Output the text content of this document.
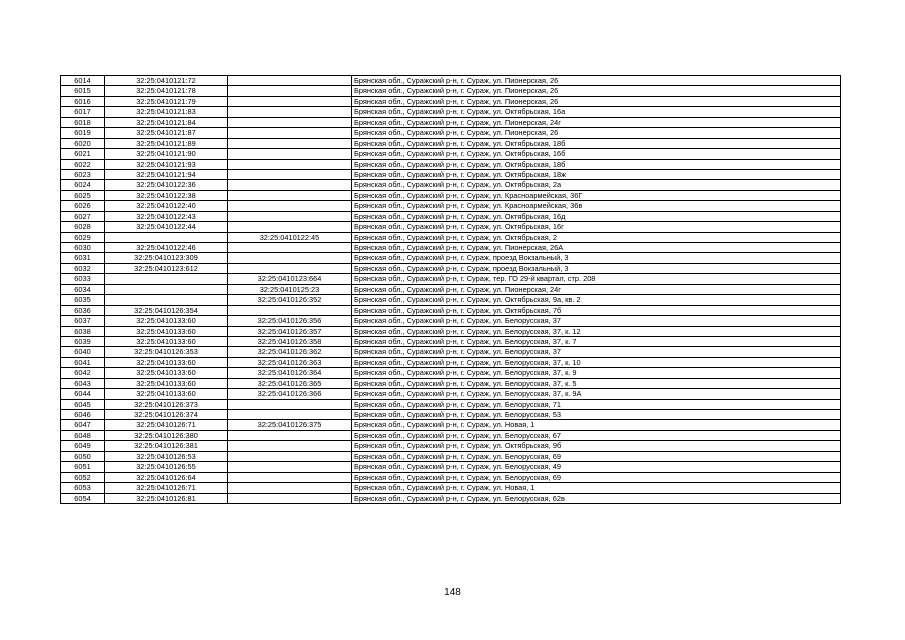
6014	32:25:0410121:72		Брянская обл., Суражский р-н, г. Сураж, ул. Пионерская, 26
6015	32:25:0410121:78		Брянская обл., Суражский р-н, г. Сураж, ул. Пионерская, 26
6016	32:25:0410121:79		Брянская обл., Суражский р-н, г. Сураж, ул. Пионерская, 26
6017	32:25:0410121:83		Брянская обл., Суражский р-н, г. Сураж, ул. Октябрьская, 16а
6018	32:25:0410121:84		Брянская обл., Суражский р-н, г. Сураж, ул. Пионерская, 24г
6019	32:25:0410121:87		Брянская обл., Суражский р-н, г. Сураж, ул. Пионерская, 26
6020	32:25:0410121:89		Брянская обл., Суражский р-н, г. Сураж, ул. Октябрьская, 18б
6021	32:25:0410121:90		Брянская обл., Суражский р-н, г. Сураж, ул. Октябрьская, 16б
6022	32:25:0410121:93		Брянская обл., Суражский р-н, г. Сураж, ул. Октябрьская, 18б
6023	32:25:0410121:94		Брянская обл., Суражский р-н, г. Сураж, ул. Октябрьская, 18ж
6024	32:25:0410122:36		Брянская обл., Суражский р-н, г. Сураж, ул. Октябрьская, 2а
6025	32:25:0410122:38		Брянская обл., Суражский р-н, г. Сураж, ул. Красноармейская, 36Г
6026	32:25:0410122:40		Брянская обл., Суражский р-н, г. Сураж, ул. Красноармейская, 36в
6027	32:25:0410122:43		Брянская обл., Суражский р-н, г. Сураж, ул. Октябрьская, 16д
6028	32:25:0410122:44		Брянская обл., Суражский р-н, г. Сураж, ул. Октябрьская, 16г
6029		32:25:0410122:45	Брянская обл., Суражский р-н, г. Сураж, ул. Октябрьская, 2
6030	32:25:0410122:46		Брянская обл., Суражский р-н, г. Сураж, ул. Пионерская, 26А
6031	32:25:0410123:309		Брянская обл., Суражский р-н, г. Сураж, проезд Вокзальный, 3
6032	32:25:0410123:612		Брянская обл., Суражский р-н, г. Сураж, проезд Вокзальный, 3
6033		32:25:0410123:664	Брянская обл., Суражский р-н, г. Сураж, тер. ГО 29-й квартал, стр. 208
6034		32:25:0410125:23	Брянская обл., Суражский р-н, г. Сураж, ул. Пионерская, 24г
6035		32:25:0410126:352	Брянская обл., Суражский р-н, г. Сураж, ул. Октябрьская, 9а, кв. 2
6036	32:25:0410126:354		Брянская обл., Суражский р-н, г. Сураж, ул. Октябрьская, 7б
6037	32:25:0410133:60	32:25:0410126:356	Брянская обл., Суражский р-н, г. Сураж, ул. Белорусская, 37
6038	32:25:0410133:60	32:25:0410126:357	Брянская обл., Суражский р-н, г. Сураж, ул. Белорусская, 37, к. 12
6039	32:25:0410133:60	32:25:0410126:358	Брянская обл., Суражский р-н, г. Сураж, ул. Белорусская, 37, к. 7
6040	32:25:0410126:353	32:25:0410126:362	Брянская обл., Суражский р-н, г. Сураж, ул. Белорусская, 37
6041	32:25:0410133:60	32:25:0410126:363	Брянская обл., Суражский р-н, г. Сураж, ул. Белорусская, 37, к. 10
6042	32:25:0410133:60	32:25:0410126:364	Брянская обл., Суражский р-н, г. Сураж, ул. Белорусская, 37, к. 9
6043	32:25:0410133:60	32:25:0410126:365	Брянская обл., Суражский р-н, г. Сураж, ул. Белорусская, 37, к. 5
6044	32:25:0410133:60	32:25:0410126:366	Брянская обл., Суражский р-н, г. Сураж, ул. Белорусская, 37, к. 9А
6045	32:25:0410126:373		Брянская обл., Суражский р-н, г. Сураж, ул. Белорусская, 71
6046	32:25:0410126:374		Брянская обл., Суражский р-н, г. Сураж, ул. Белорусская, 53
6047	32:25:0410126:71	32:25:0410126:375	Брянская обл., Суражский р-н, г. Сураж, ул. Новая, 1
6048	32:25:0410126:380		Брянская обл., Суражский р-н, г. Сураж, ул. Белорусская, 67
6049	32:25:0410126:381		Брянская обл., Суражский р-н, г. Сураж, ул. Октябрьская, 9б
6050	32:25:0410126:53		Брянская обл., Суражский р-н, г. Сураж, ул. Белорусская, 69
6051	32:25:0410126:55		Брянская обл., Суражский р-н, г. Сураж, ул. Белорусская, 49
6052	32:25:0410126:64		Брянская обл., Суражский р-н, г. Сураж, ул. Белорусская, 69
6053	32:25:0410126:71		Брянская обл., Суражский р-н, г. Сураж, ул. Новая, 1
6054	32:25:0410126:81		Брянская обл., Суражский р-н, г. Сураж, ул. Белорусская, 62в
148
